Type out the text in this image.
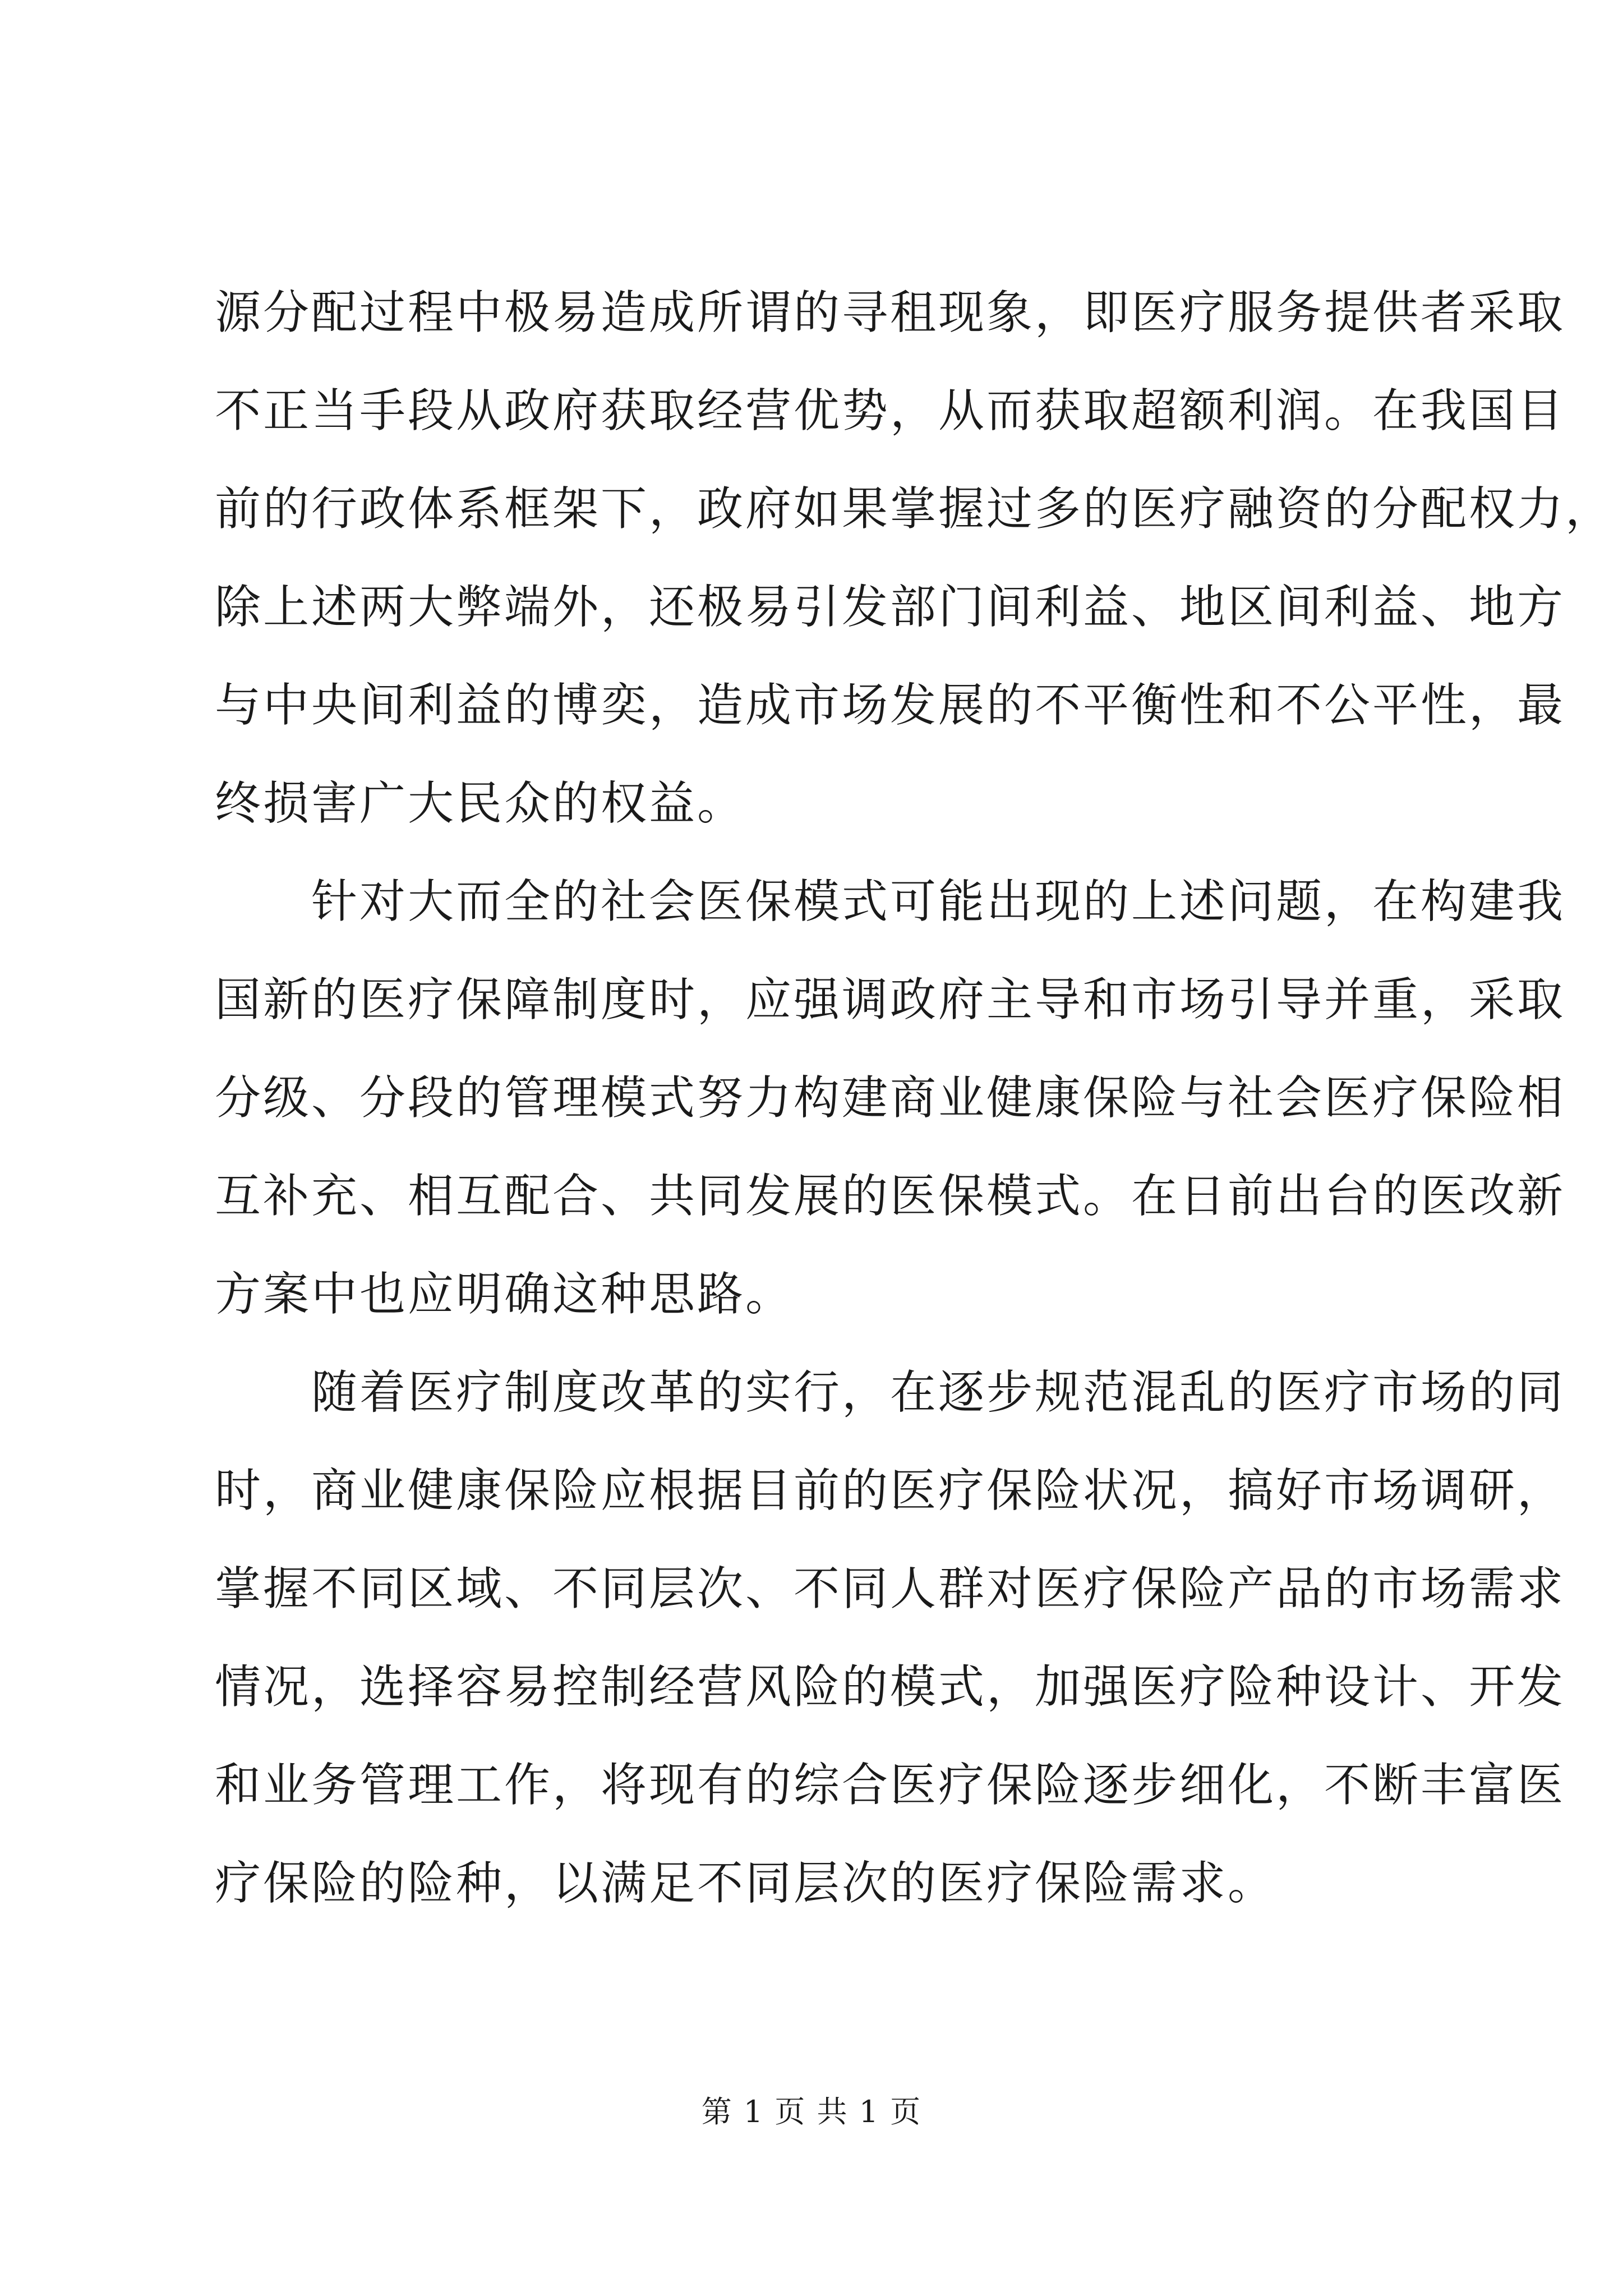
源分配过程中极易造成所谓的寻租现象，即医疗服务提供者采取
不正当手段从政府获取经营优势，从而获取超额利润。在我国目
前的行政体系框架下，政府如果掌握过多的医疗融资的分配权力，
除上述两大弊端外，还极易引发部门间利益、地区间利益、地方
与中央间利益的博奕，造成市场发展的不平衡性和不公平性，最
终损害广大民众的权益。
　　针对大而全的社会医保模式可能出现的上述问题，在构建我
国新的医疗保障制度时，应强调政府主导和市场引导并重，采取
分级、分段的管理模式努力构建商业健康保险与社会医疗保险相
互补充、相互配合、共同发展的医保模式。在日前出台的医改新
方案中也应明确这种思路。
　　随着医疗制度改革的实行，在逐步规范混乱的医疗市场的同
时，商业健康保险应根据目前的医疗保险状况，搞好市场调研，
掌握不同区域、不同层次、不同人群对医疗保险产品的市场需求
情况，选择容易控制经营风险的模式，加强医疗险种设计、开发
和业务管理工作，将现有的综合医疗保险逐步细化，不断丰富医
疗保险的险种，以满足不同层次的医疗保险需求。
第 1 页 共 1 页
